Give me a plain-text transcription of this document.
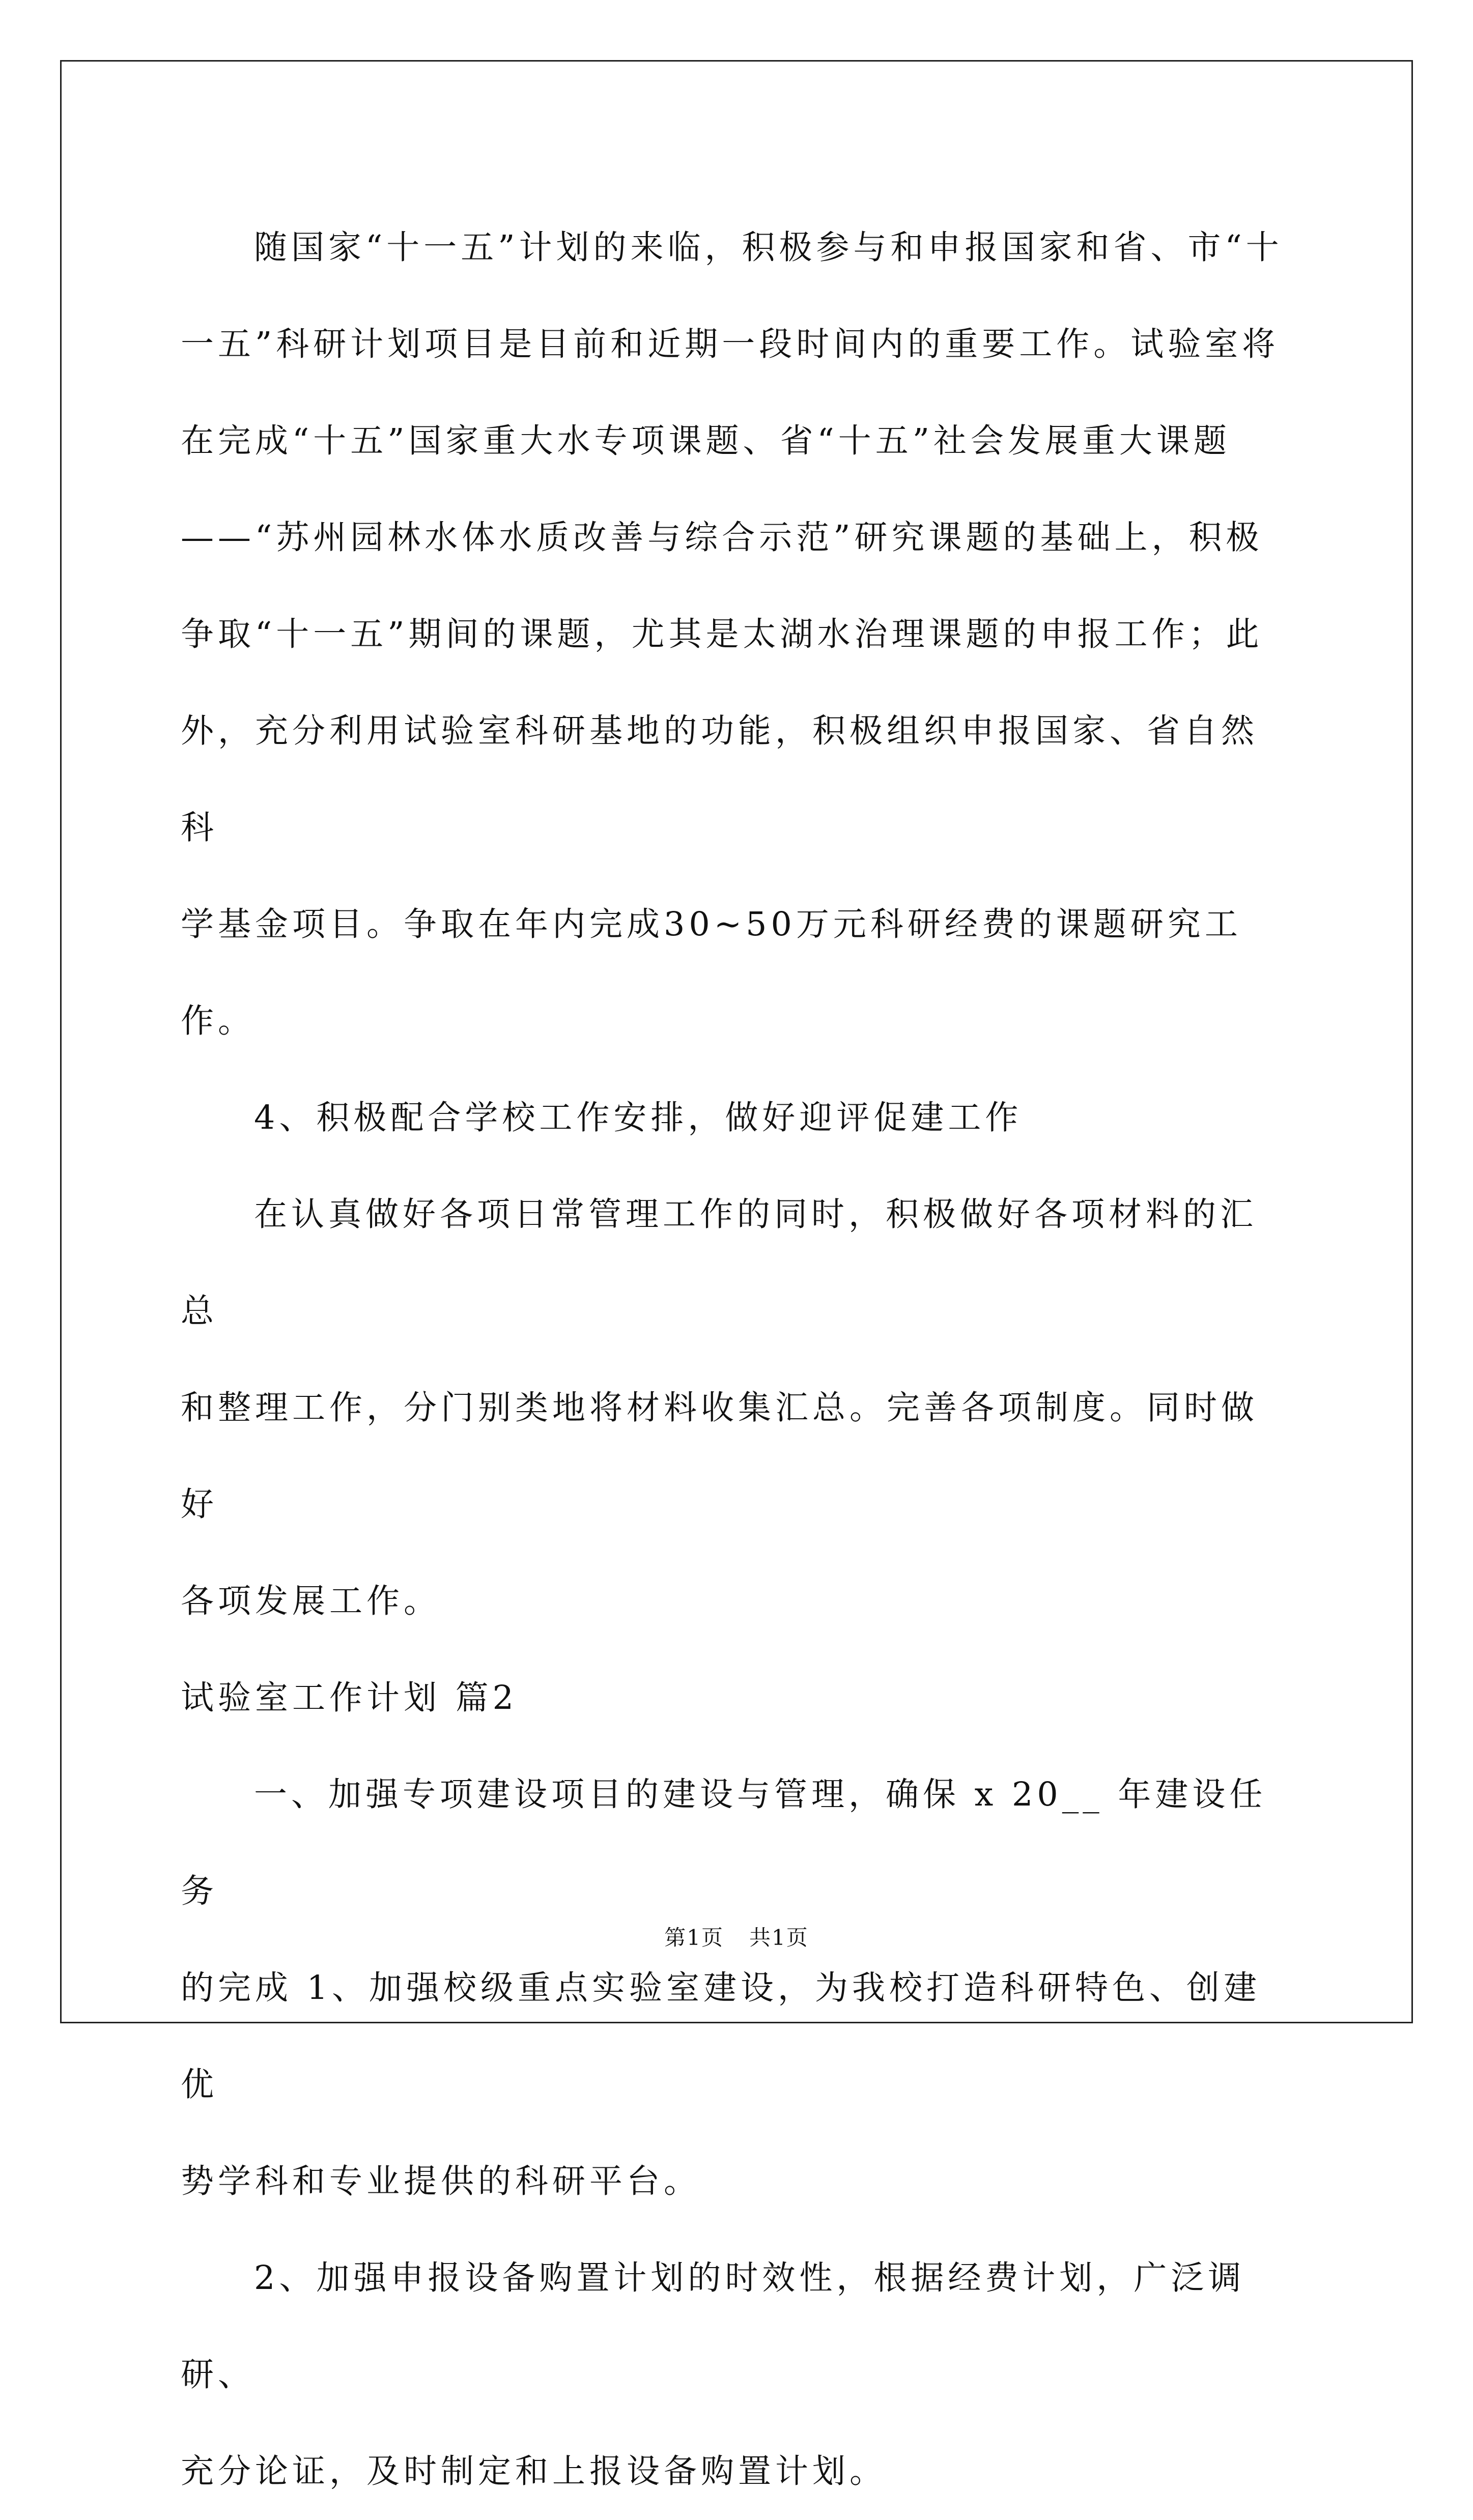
随国家“十一五”计划的来临，积极参与和申报国家和省、市“十

一五”科研计划项目是目前和近期一段时间内的重要工作。试验室将

在完成“十五”国家重大水专项课题、省“十五”社会发展重大课题

——“苏州园林水体水质改善与综合示范”研究课题的基础上，积极

争取“十一五”期间的课题，尤其是太湖水治理课题的申报工作；此

外，充分利用试验室科研基地的功能，积极组织申报国家、省自然科

学基金项目。争取在年内完成30~50万元科研经费的课题研究工作。

4、积极配合学校工作安排，做好迎评促建工作

在认真做好各项日常管理工作的同时，积极做好各项材料的汇总

和整理工作，分门别类地将材料收集汇总。完善各项制度。同时做好

各项发展工作。

试验室工作计划 篇2

一、加强专项建设项目的建设与管理，确保 x 20__ 年建设任务

的完成 1、加强校级重点实验室建设，为我校打造科研特色、创建优

势学科和专业提供的科研平台。

2、加强申报设备购置计划的时效性，根据经费计划，广泛调研、

充分论证，及时制定和上报设备购置计划。

第1页 共1页
